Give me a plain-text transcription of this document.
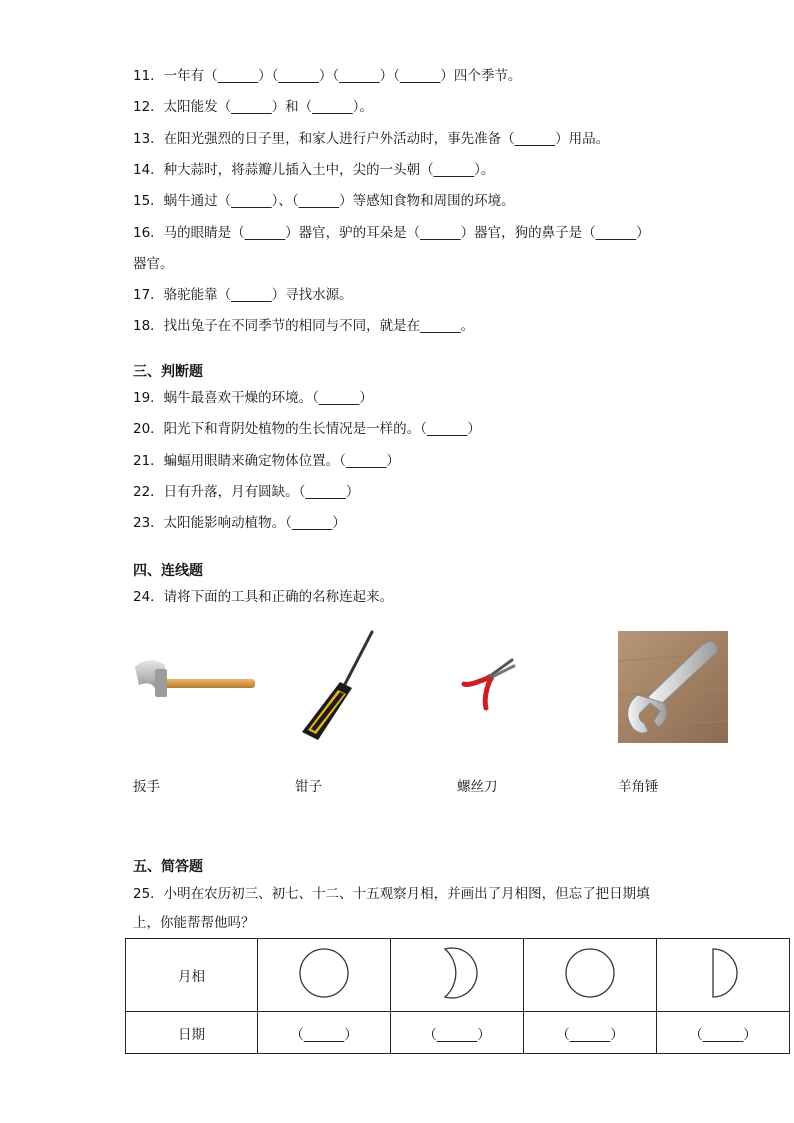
11．一年有（______）（______）（______）（______）四个季节。
12．太阳能发（______）和（______）。
13．在阳光强烈的日子里，和家人进行户外活动时，事先准备（______）用品。
14．种大蒜时，将蒜瓣儿插入土中，尖的一头朝（______）。
15．蜗牛通过（______）、（______）等感知食物和周围的环境。
16．马的眼睛是（______）器官，驴的耳朵是（______）器官，狗的鼻子是（______）
器官。
17．骆驼能靠（______）寻找水源。
18．找出兔子在不同季节的相同与不同，就是在______。
三、判断题
19．蜗牛最喜欢干燥的环境。（______）
20．阳光下和背阴处植物的生长情况是一样的。（______）
21．蝙蝠用眼睛来确定物体位置。（______）
22．日有升落，月有圆缺。（______）
23．太阳能影响动植物。（______）
四、连线题
24．请将下面的工具和正确的名称连起来。
扳手	钳子	螺丝刀	羊角锤
五、简答题
25．小明在农历初三、初七、十二、十五观察月相，并画出了月相图，但忘了把日期填
上，你能帮帮他吗？
月相				
日期	（______）	（______）	（______）	（______）
